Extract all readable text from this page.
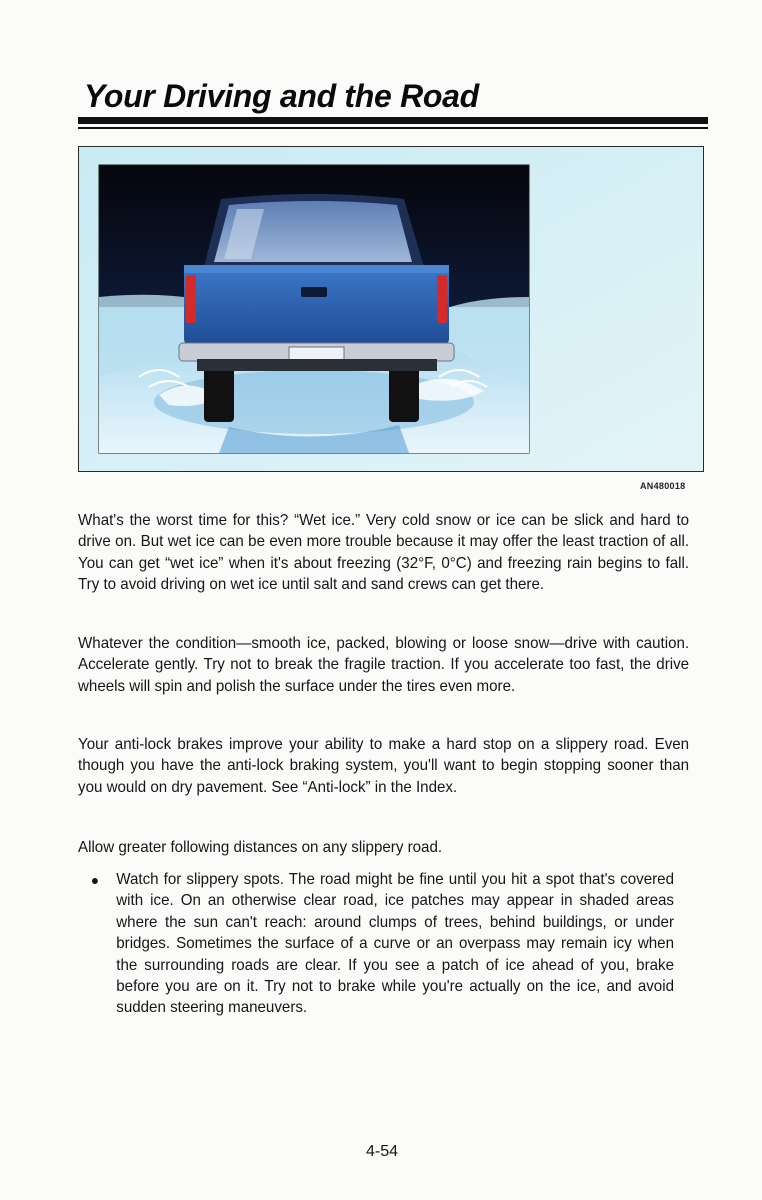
Your Driving and the Road
AN480018

What's the worst time for this? “Wet ice.” Very cold snow or ice can be slick and hard to drive on. But wet ice can be even more trouble because it may offer the least traction of all. You can get “wet ice” when it's about freezing (32°F, 0°C) and freezing rain begins to fall. Try to avoid driving on wet ice until salt and sand crews can get there.

Whatever the condition—smooth ice, packed, blowing or loose snow—drive with caution. Accelerate gently. Try not to break the fragile traction. If you accelerate too fast, the drive wheels will spin and polish the surface under the tires even more.

Your anti-lock brakes improve your ability to make a hard stop on a slippery road. Even though you have the anti-lock braking system, you'll want to begin stopping sooner than you would on dry pavement. See “Anti-lock” in the Index.

Allow greater following distances on any slippery road.

Watch for slippery spots. The road might be fine until you hit a spot that's covered with ice. On an otherwise clear road, ice patches may appear in shaded areas where the sun can't reach: around clumps of trees, behind buildings, or under bridges. Sometimes the surface of a curve or an overpass may remain icy when the surrounding roads are clear. If you see a patch of ice ahead of you, brake before you are on it. Try not to brake while you're actually on the ice, and avoid sudden steering maneuvers.

4-54
